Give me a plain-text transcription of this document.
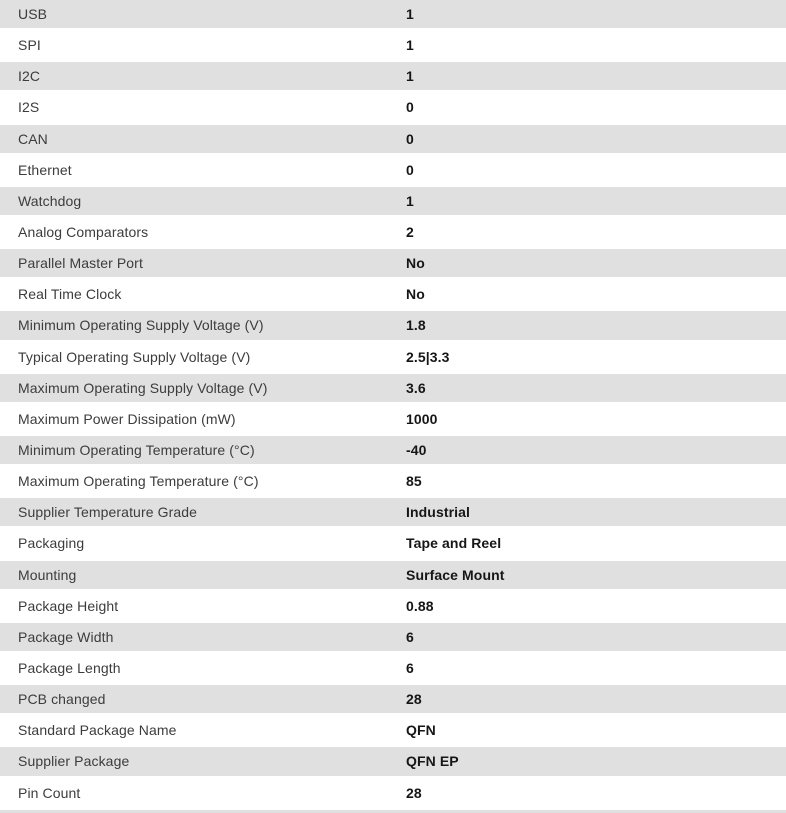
USB	1
SPI	1
I2C	1
I2S	0
CAN	0
Ethernet	0
Watchdog	1
Analog Comparators	2
Parallel Master Port	No
Real Time Clock	No
Minimum Operating Supply Voltage (V)	1.8
Typical Operating Supply Voltage (V)	2.5|3.3
Maximum Operating Supply Voltage (V)	3.6
Maximum Power Dissipation (mW)	1000
Minimum Operating Temperature (°C)	-40
Maximum Operating Temperature (°C)	85
Supplier Temperature Grade	Industrial
Packaging	Tape and Reel
Mounting	Surface Mount
Package Height	0.88
Package Width	6
Package Length	6
PCB changed	28
Standard Package Name	QFN
Supplier Package	QFN EP
Pin Count	28
